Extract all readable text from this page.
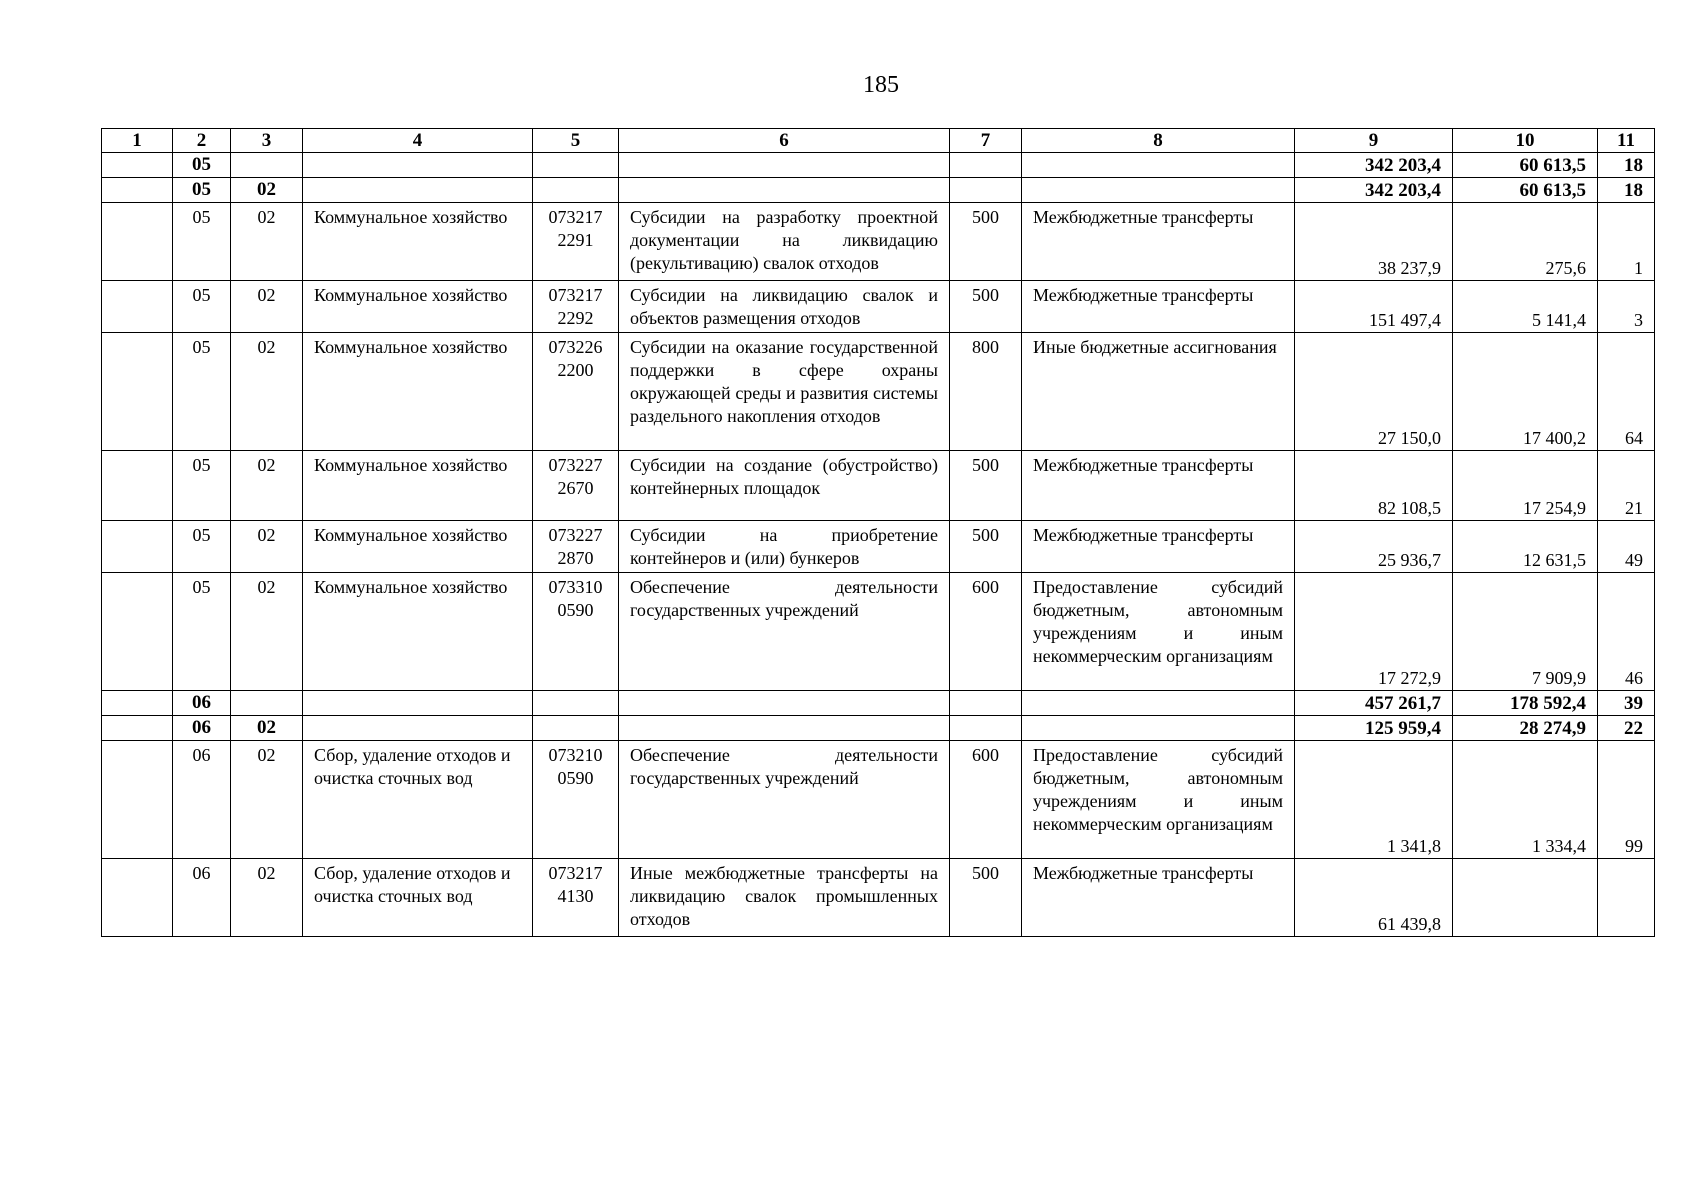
185
1	2	3	4	5	6	7	8	9	10	11
	05							342 203,4	60 613,5	18
	05	02						342 203,4	60 613,5	18
	05	02	Коммунальное хозяйство	073217 2291	Субсидии на разработку проектной документации на ликвидацию (рекультивацию) свалок отходов	500	Межбюджетные трансферты	38 237,9	275,6	1
	05	02	Коммунальное хозяйство	073217 2292	Субсидии на ликвидацию свалок и объектов размещения отходов	500	Межбюджетные трансферты	151 497,4	5 141,4	3
	05	02	Коммунальное хозяйство	073226 2200	Субсидии на оказание государственной поддержки в сфере охраны окружающей среды и развития системы раздельного накопления отходов	800	Иные бюджетные ассигнования	27 150,0	17 400,2	64
	05	02	Коммунальное хозяйство	073227 2670	Субсидии на создание (обустройство) контейнерных площадок	500	Межбюджетные трансферты	82 108,5	17 254,9	21
	05	02	Коммунальное хозяйство	073227 2870	Субсидии на приобретение контейнеров и (или) бункеров	500	Межбюджетные трансферты	25 936,7	12 631,5	49
	05	02	Коммунальное хозяйство	073310 0590	Обеспечение деятельности государственных учреждений	600	Предоставление субсидий бюджетным, автономным учреждениям и иным некоммерческим организациям	17 272,9	7 909,9	46
	06							457 261,7	178 592,4	39
	06	02						125 959,4	28 274,9	22
	06	02	Сбор, удаление отходов и очистка сточных вод	073210 0590	Обеспечение деятельности государственных учреждений	600	Предоставление субсидий бюджетным, автономным учреждениям и иным некоммерческим организациям	1 341,8	1 334,4	99
	06	02	Сбор, удаление отходов и очистка сточных вод	073217 4130	Иные межбюджетные трансферты на ликвидацию свалок промышленных отходов	500	Межбюджетные трансферты	61 439,8		
